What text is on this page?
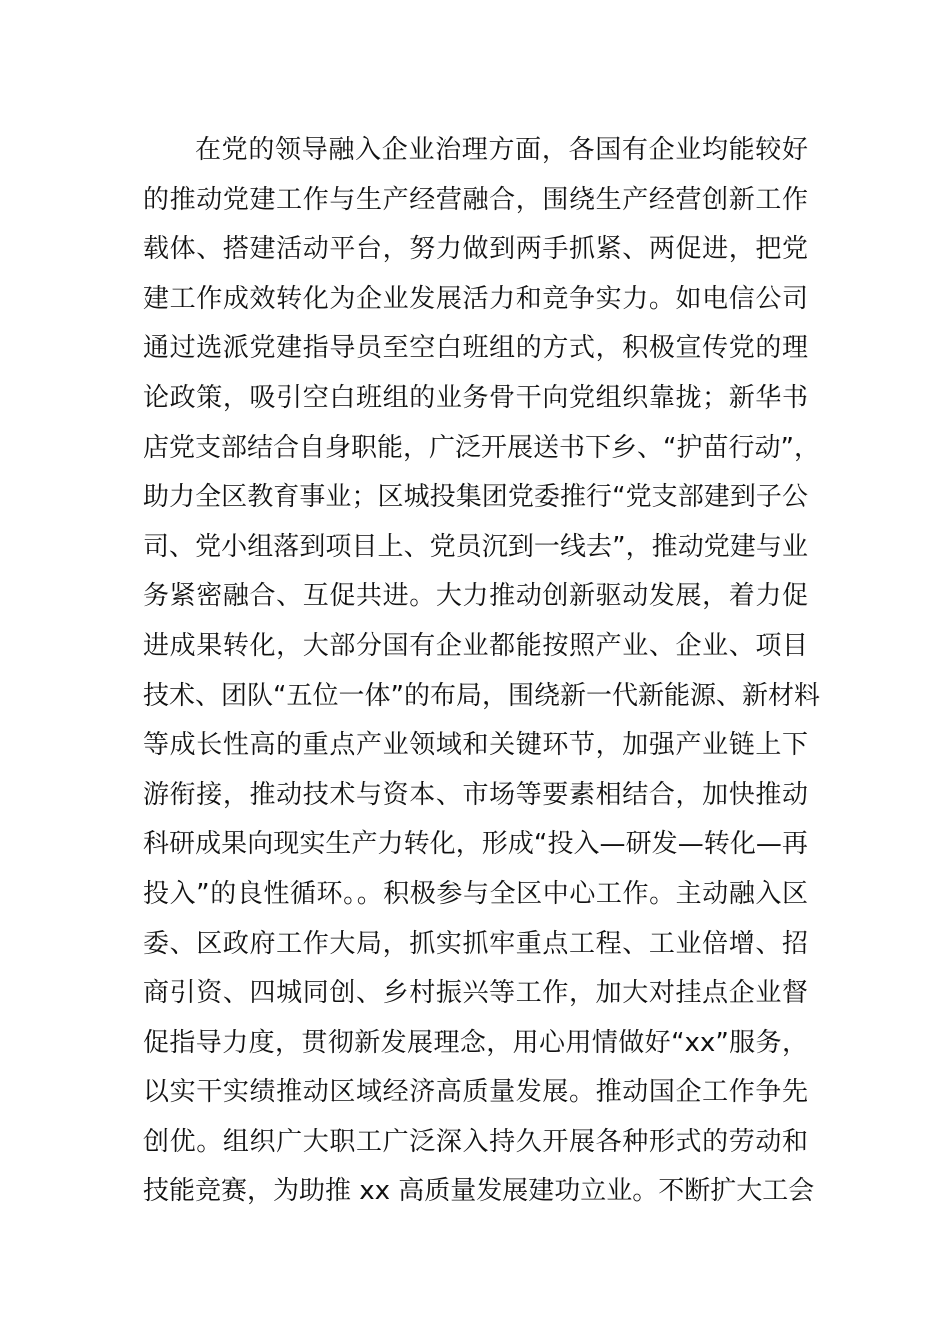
在党的领导融入企业治理方面，各国有企业均能较好
的推动党建工作与生产经营融合，围绕生产经营创新工作
载体、搭建活动平台，努力做到两手抓紧、两促进，把党
建工作成效转化为企业发展活力和竞争实力。如电信公司
通过选派党建指导员至空白班组的方式，积极宣传党的理
论政策，吸引空白班组的业务骨干向党组织靠拢；新华书
店党支部结合自身职能，广泛开展送书下乡、“护苗行动”，
助力全区教育事业；区城投集团党委推行“党支部建到子公
司、党小组落到项目上、党员沉到一线去”，推动党建与业
务紧密融合、互促共进。大力推动创新驱动发展，着力促
进成果转化，大部分国有企业都能按照产业、企业、项目
技术、团队“五位一体”的布局，围绕新一代新能源、新材料
等成长性高的重点产业领域和关键环节，加强产业链上下
游衔接，推动技术与资本、市场等要素相结合，加快推动
科研成果向现实生产力转化，形成“投入—研发—转化—再
投入”的良性循环。。积极参与全区中心工作。主动融入区
委、区政府工作大局，抓实抓牢重点工程、工业倍增、招
商引资、四城同创、乡村振兴等工作，加大对挂点企业督
促指导力度，贯彻新发展理念，用心用情做好“xx”服务，
以实干实绩推动区域经济高质量发展。推动国企工作争先
创优。组织广大职工广泛深入持久开展各种形式的劳动和
技能竞赛，为助推 xx 高质量发展建功立业。不断扩大工会
